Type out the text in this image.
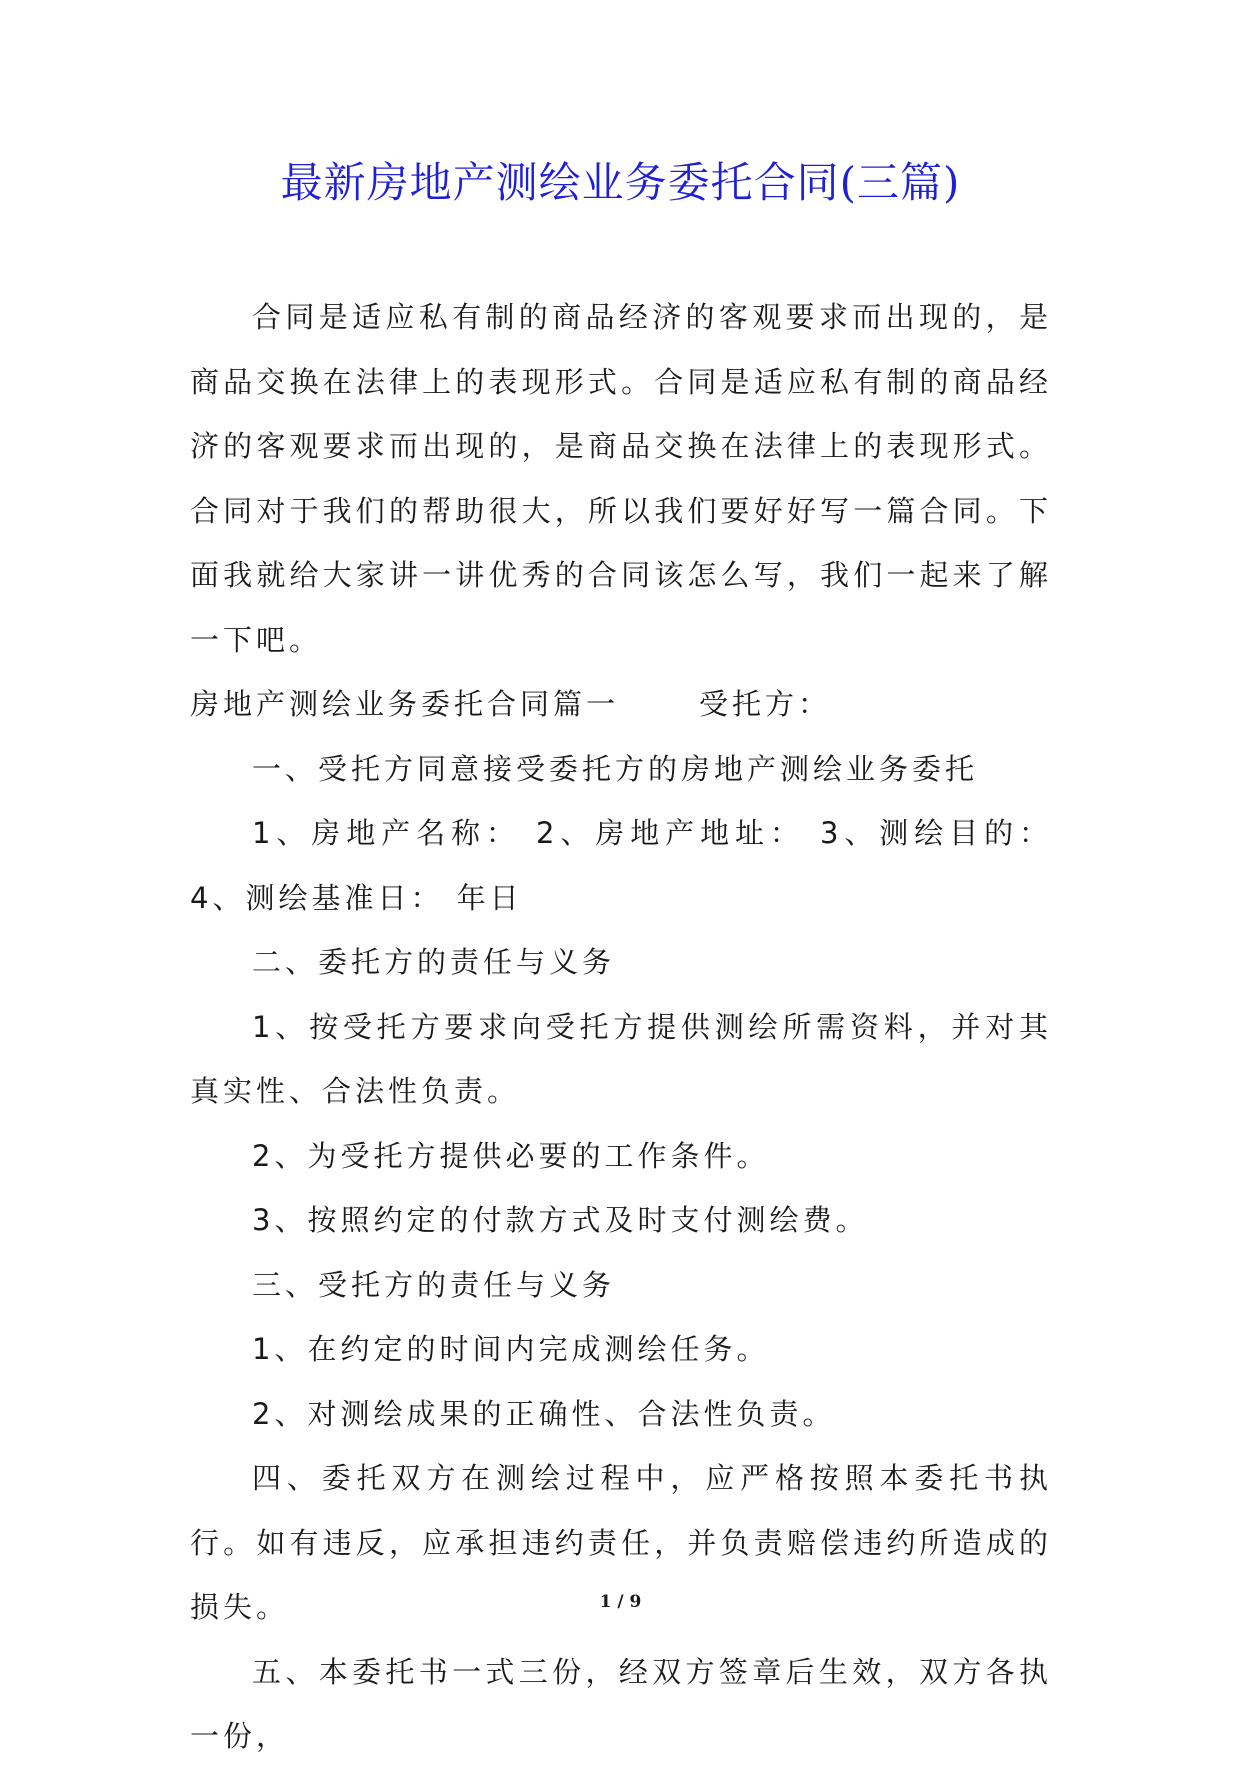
最新房地产测绘业务委托合同(三篇)

合同是适应私有制的商品经济的客观要求而出现的，是商品交换在法律上的表现形式。合同是适应私有制的商品经济的客观要求而出现的，是商品交换在法律上的表现形式。合同对于我们的帮助很大，所以我们要好好写一篇合同。下面我就给大家讲一讲优秀的合同该怎么写，我们一起来了解一下吧。

房地产测绘业务委托合同篇一	受托方：

一、受托方同意接受委托方的房地产测绘业务委托

1、房地产名称： 2、房地产地址： 3、测绘目的： 4、测绘基准日： 年日

二、委托方的责任与义务

1、按受托方要求向受托方提供测绘所需资料，并对其真实性、合法性负责。

2、为受托方提供必要的工作条件。

3、按照约定的付款方式及时支付测绘费。

三、受托方的责任与义务

1、在约定的时间内完成测绘任务。

2、对测绘成果的正确性、合法性负责。

四、委托双方在测绘过程中，应严格按照本委托书执行。如有违反，应承担违约责任，并负责赔偿违约所造成的损失。

五、本委托书一式三份，经双方签章后生效，双方各执一份，

1 / 9
